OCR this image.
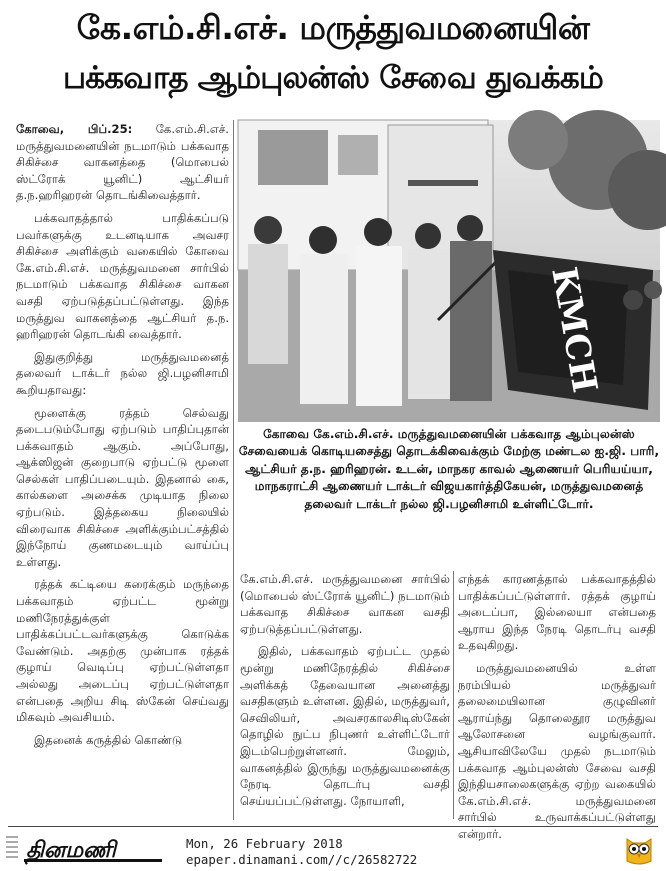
கே.எம்.சி.எச். மருத்துவமனையின்
பக்கவாத ஆம்புலன்ஸ் சேவை துவக்கம்

கோவை, பிப்.25: கே.எம்.சி.எச். மருத்துவமனையின் நடமாடும் பக்கவாத சிகிச்சை வாகனத்தை (மொபைல் ஸ்ட்ரோக் யூனிட்) ஆட்சியர் த.ந.ஹரிஹரன் தொடங்கிவைத்தார்.

பக்கவாதத்தால் பாதிக்கப்படு பவர்களுக்கு உடனடியாக அவசர சிகிச்சை அளிக்கும் வகையில் கோவை கே.எம்.சி.எச். மருத்துவமனை சார்பில் நடமாடும் பக்கவாத சிகிச்சை வாகன வசதி ஏற்படுத்தப்பட்டுள்ளது. இந்த மருத்துவ வாகனத்தை ஆட்சியர் த.ந. ஹரிஹரன் தொடங்கி வைத்தார்.

இதுகுறித்து மருத்துவமனைத் தலைவர் டாக்டர் நல்ல ஜி.பழனிசாமி கூறியதாவது:

மூளைக்கு ரத்தம் செல்வது தடைபடும்போது ஏற்படும் பாதிப்புதான் பக்கவாதம் ஆகும். அப்போது, ஆக்ஸிஜன் குறைபாடு ஏற்பட்டு மூளை செல்கள் பாதிப்படையும். இதனால் கை, கால்களை அசைக்க முடியாத நிலை ஏற்படும். இத்தகைய நிலையில் விரைவாக சிகிச்சை அளிக்கும்பட்சத்தில் இந்நோய் குணமடையும் வாய்ப்பு உள்ளது.

ரத்தக் கட்டியை கரைக்கும் மருந்தை பக்கவாதம் ஏற்பட்ட மூன்று மணிநேரத்துக்குள் பாதிக்கப்பட்டவர்களுக்கு கொடுக்க வேண்டும். அதற்கு முன்பாக ரத்தக் குழாய் வெடிப்பு ஏற்பட்டுள்ளதா அல்லது அடைப்பு ஏற்பட்டுள்ளதா என்பதை அறிய சிடி ஸ்கேன் செய்வது மிகவும் அவசியம்.

இதனைக் கருத்தில் கொண்டு

KMCH
கோவை கே.எம்.சி.எச். மருத்துவமனையின் பக்கவாத ஆம்புலன்ஸ் சேவையைக் கொடியசைத்து தொடக்கிவைக்கும் மேற்கு மண்டல ஐ.ஜி. பாரி, ஆட்சியர் த.ந. ஹரிஹரன். உடன், மாநகர காவல் ஆணையர் பெரியய்யா, மாநகராட்சி ஆணையர் டாக்டர் விஜயகார்த்திகேயன், மருத்துவமனைத் தலைவர் டாக்டர் நல்ல ஜி.பழனிசாமி உள்ளிட்டோர்.

கே.எம்.சி.எச். மருத்துவமனை சார்பில் (மொபைல் ஸ்ட்ரோக் யூனிட்) நடமாடும் பக்கவாத சிகிச்சை வாகன வசதி ஏற்படுத்தப்பட்டுள்ளது.

இதில், பக்கவாதம் ஏற்பட்ட முதல் மூன்று மணிநேரத்தில் சிகிச்சை அளிக்கத் தேவையான அனைத்து வசதிகளும் உள்ளன. இதில், மருத்துவர், செவிலியர், அவசரகாலசிடிஸ்கேன் தொழில் நுட்ப நிபுணர் உள்ளிட்டோர் இடம்பெற்றுள்ளனர். மேலும், வாகனத்தில் இருந்து மருத்துவமனைக்கு நேரடி தொடர்பு வசதி செய்யப்பட்டுள்ளது. நோயாளி,

எந்தக் காரணத்தால் பக்கவாதத்தில் பாதிக்கப்பட்டுள்ளார். ரத்தக் குழாய் அடைப்பா, இல்லையா என்பதை ஆராய இந்த நேரடி தொடர்பு வசதி உதவுகிறது.

மருத்துவமனையில் உள்ள நரம்பியல் மருத்துவர் தலைமையிலான குழுவினர் ஆராய்ந்து தொலைதூர மருத்துவ ஆலோசனை வழங்குவார். ஆசியாவிலேயே முதல் நடமாடும் பக்கவாத ஆம்புலன்ஸ் சேவை வசதி இந்தியசாலைகளுக்கு ஏற்ற வகையில் கே.எம்.சி.எச். மருத்துவமனை சார்பில் உருவாக்கப்பட்டுள்ளது என்றார்.

தினமணி	Mon, 26 February 2018
epaper.dinamani.com//c/26582722
